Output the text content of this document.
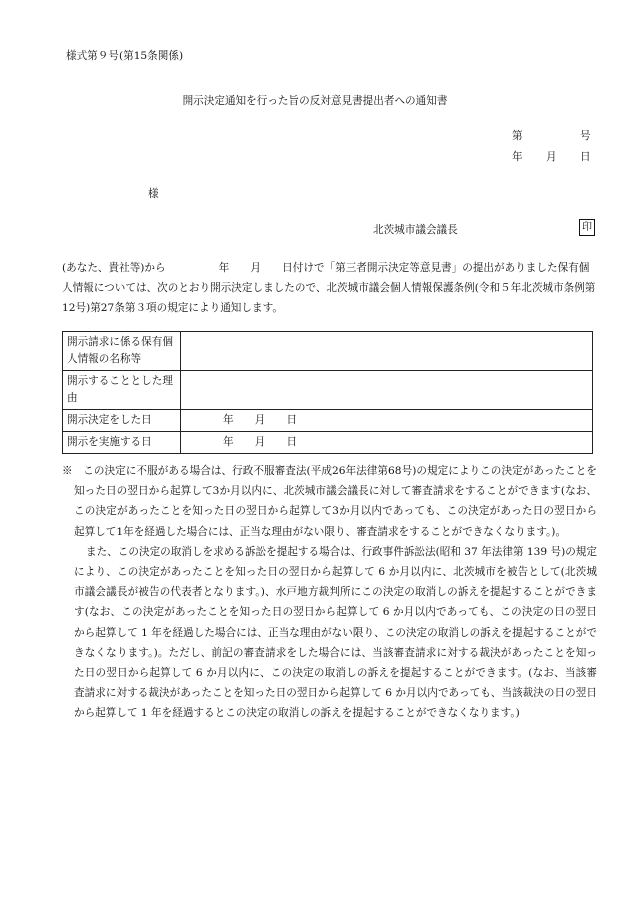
様式第９号(第15条関係)
開示決定通知を行った旨の反対意見書提出者への通知書
第	号
年 月 日
様
北茨城市議会議長	印

(あなた、貴社等)から　　　　　年　　月　　日付けで「第三者開示決定等意見書」の提出がありました保有個人情報については、次のとおり開示決定しましたので、北茨城市議会個人情報保護条例(令和５年北茨城市条例第12号)第27条第３項の規定により通知します。

開示請求に係る保有個人情報の名称等	
開示することとした理由	
開示決定をした日	年　　月　　日
開示を実施する日	年　　月　　日

※　この決定に不服がある場合は、行政不服審査法(平成26年法律第68号)の規定によりこの決定があったことを知った日の翌日から起算して3か月以内に、北茨城市議会議長に対して審査請求をすることができます(なお、この決定があったことを知った日の翌日から起算して3か月以内であっても、この決定があった日の翌日から起算して1年を経過した場合には、正当な理由がない限り、審査請求をすることができなくなります。)。

また、この決定の取消しを求める訴訟を提起する場合は、行政事件訴訟法(昭和 37 年法律第 139 号)の規定により、この決定があったことを知った日の翌日から起算して 6 か月以内に、北茨城市を被告として(北茨城市議会議長が被告の代表者となります。)、水戸地方裁判所にこの決定の取消しの訴えを提起することができます(なお、この決定があったことを知った日の翌日から起算して 6 か月以内であっても、この決定の日の翌日から起算して 1 年を経過した場合には、正当な理由がない限り、この決定の取消しの訴えを提起することができなくなります。)。ただし、前記の審査請求をした場合には、当該審査請求に対する裁決があったことを知った日の翌日から起算して 6 か月以内に、この決定の取消しの訴えを提起することができます。(なお、当該審査請求に対する裁決があったことを知った日の翌日から起算して 6 か月以内であっても、当該裁決の日の翌日から起算して 1 年を経過するとこの決定の取消しの訴えを提起することができなくなります。)
